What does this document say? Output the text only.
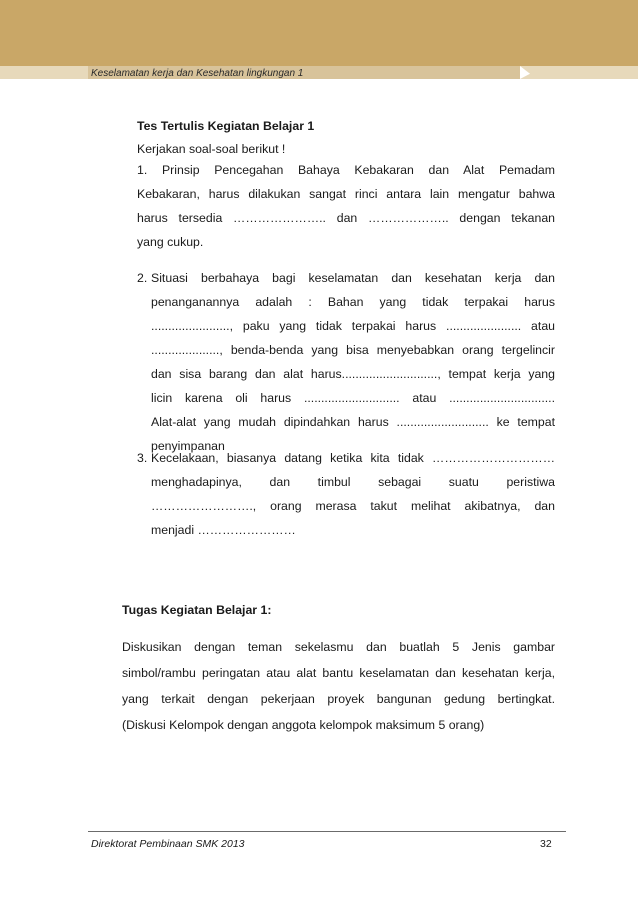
Keselamatan kerja dan Kesehatan lingkungan 1
Tes Tertulis Kegiatan Belajar 1
Kerjakan soal-soal berikut !
1. Prinsip Pencegahan Bahaya Kebakaran dan Alat Pemadam
Kebakaran, harus dilakukan sangat rinci antara lain mengatur bahwa
harus tersedia ………………….. dan ……………….. dengan tekanan
yang cukup.
2. Situasi berbahaya bagi keselamatan dan kesehatan kerja dan
penanganannya adalah : Bahan yang tidak terpakai harus
......................., paku yang tidak terpakai harus ...................... atau
...................., benda-benda yang bisa menyebabkan orang tergelincir
dan sisa barang dan alat harus............................, tempat kerja yang
licin karena oli harus ............................ atau ...............................
Alat-alat yang mudah dipindahkan harus ........................... ke tempat
penyimpanan
3. Kecelakaan, biasanya datang ketika kita tidak …………………………
menghadapinya, dan timbul sebagai suatu peristiwa
……………………., orang merasa takut melihat akibatnya, dan
menjadi ……………………
Tugas Kegiatan Belajar 1:
Diskusikan dengan teman sekelasmu dan buatlah 5 Jenis gambar
simbol/rambu peringatan atau alat bantu keselamatan dan kesehatan kerja,
yang terkait dengan pekerjaan proyek bangunan gedung bertingkat.
(Diskusi Kelompok dengan anggota kelompok maksimum 5 orang)
Direktorat Pembinaan SMK 2013	32
